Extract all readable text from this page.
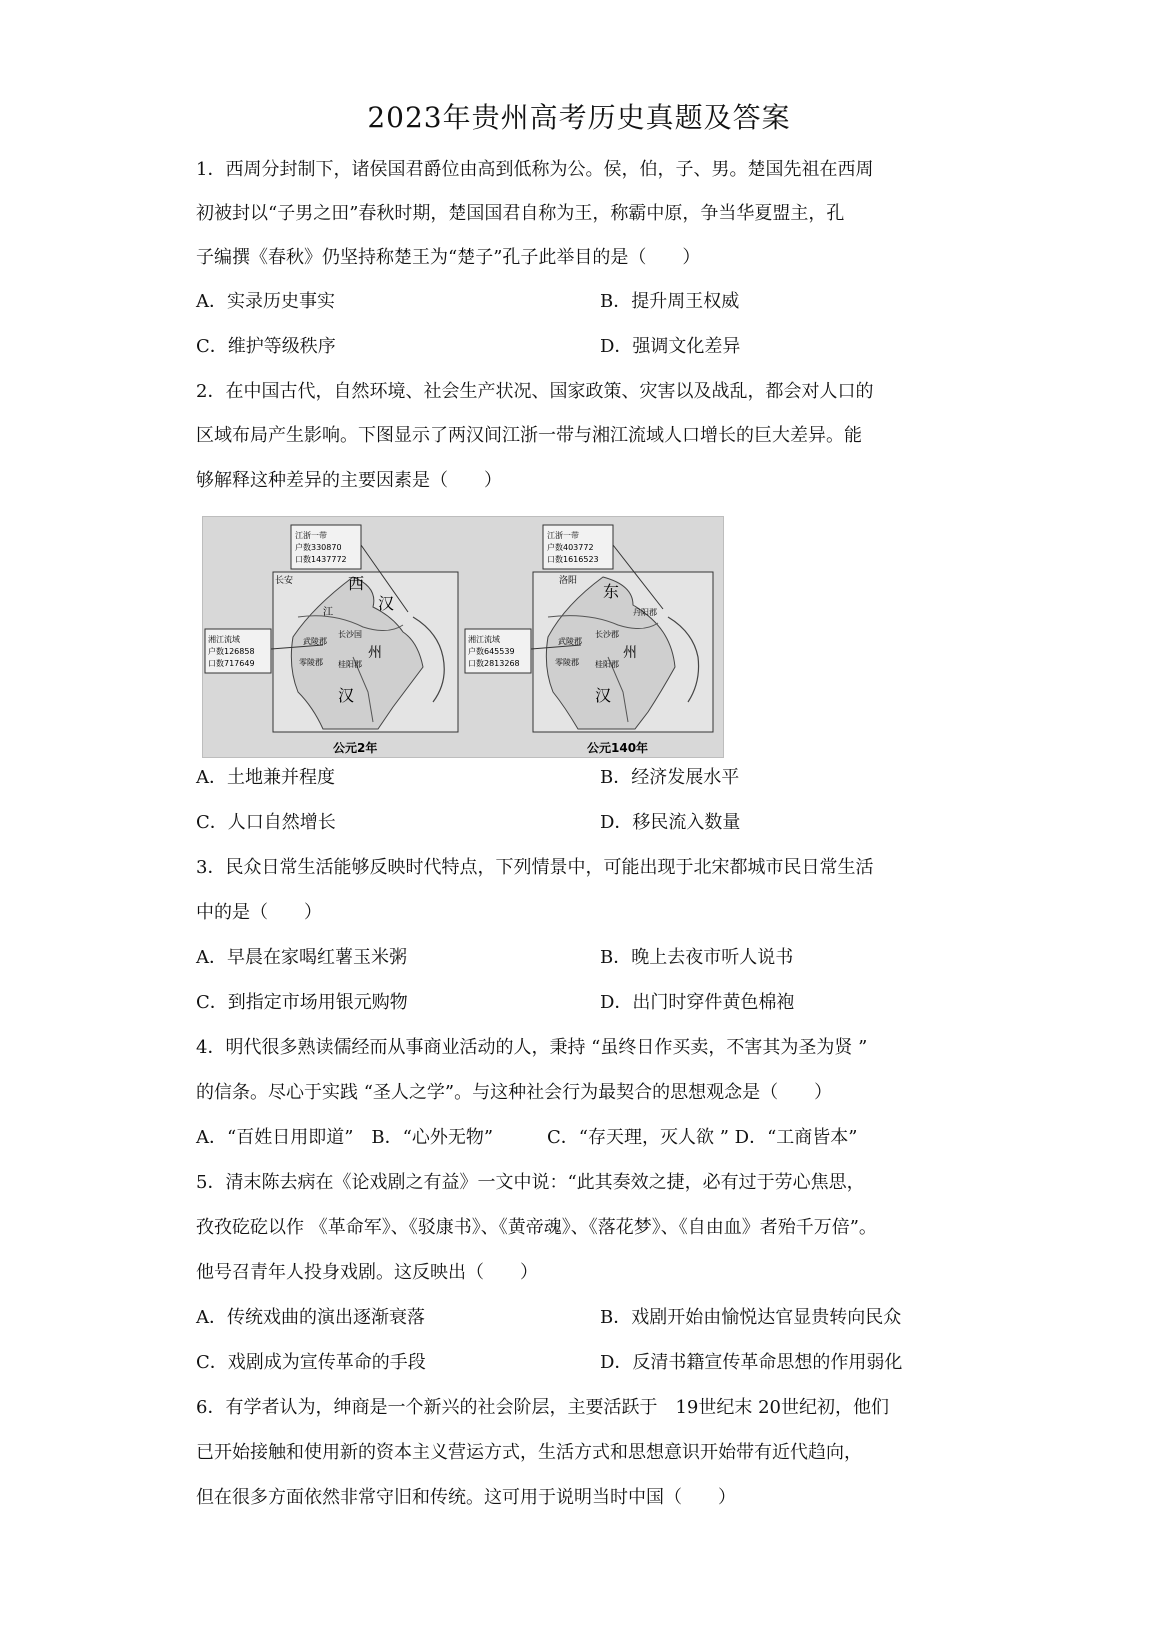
2023年贵州高考历史真题及答案
1．西周分封制下，诸侯国君爵位由高到低称为公。侯，伯，子、男。楚国先祖在西周
初被封以“子男之田”春秋时期，楚国国君自称为王，称霸中原，争当华夏盟主，孔
子编撰《春秋》仍坚持称楚王为“楚子”孔子此举目的是（　　）
A．实录历史事实	B．提升周王权威
C．维护等级秩序	D．强调文化差异
2．在中国古代，自然环境、社会生产状况、国家政策、灾害以及战乱，都会对人口的
区域布局产生影响。下图显示了两汉间江浙一带与湘江流域人口增长的巨大差异。能
够解释这种差异的主要因素是（　　）
江浙一带
户数330870
口数1437772
湘江流域
户数126858
口数717649
长安	西
汉
武陵郡
长沙国
零陵郡 桂阳郡
州
江
汉
公元2年
江浙一带
户数403772
口数1616523
湘江流域
户数645539
口数2813268
洛阳
东
武陵郡
长沙郡
零陵郡 桂阳郡
丹阳郡
汉
州
公元140年
A．土地兼并程度	B．经济发展水平
C．人口自然增长	D．移民流入数量
3．民众日常生活能够反映时代特点，下列情景中，可能出现于北宋都城市民日常生活
中的是（　　）
A．早晨在家喝红薯玉米粥	B．晚上去夜市听人说书
C．到指定市场用银元购物	D．出门时穿件黄色棉袍
4．明代很多熟读儒经而从事商业活动的人，秉持 “虽终日作买卖，不害其为圣为贤 ”
的信条。尽心于实践 “圣人之学”。与这种社会行为最契合的思想观念是（　　）
A．“百姓日用即道”　B．“心外无物”　　　C．“存天理，灭人欲 ” D．“工商皆本”
5．清末陈去病在《论戏剧之有益》一文中说：“此其奏效之捷，必有过于劳心焦思，
孜孜矻矻以作 《革命军》、《驳康书》、《黄帝魂》、《落花梦》、《自由血》者殆千万倍”。
他号召青年人投身戏剧。这反映出（　　）
A．传统戏曲的演出逐渐衰落	B．戏剧开始由愉悦达官显贵转向民众
C．戏剧成为宣传革命的手段	D．反清书籍宣传革命思想的作用弱化
6．有学者认为，绅商是一个新兴的社会阶层，主要活跃于　19世纪末 20世纪初，他们
已开始接触和使用新的资本主义营运方式，生活方式和思想意识开始带有近代趋向，
但在很多方面依然非常守旧和传统。这可用于说明当时中国（　　）
